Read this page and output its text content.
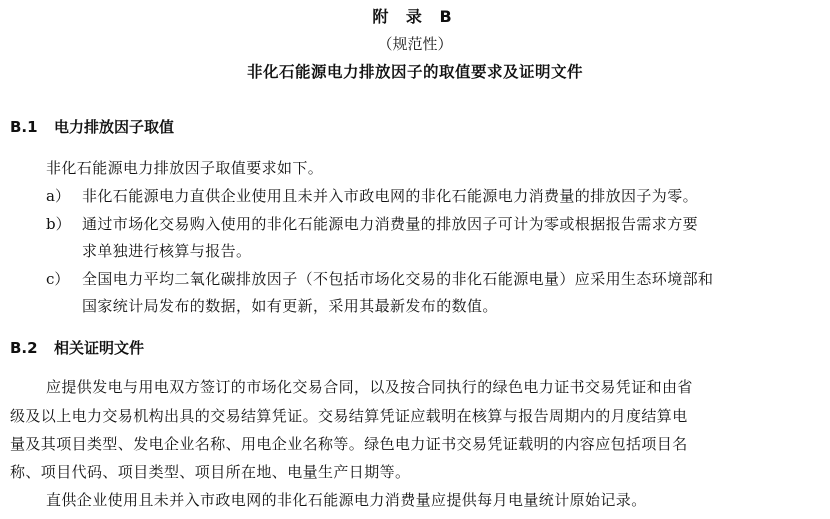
附 录 B
（规范性）
非化石能源电力排放因子的取值要求及证明文件
B.1 电力排放因子取值
非化石能源电力排放因子取值要求如下。
a） 非化石能源电力直供企业使用且未并入市政电网的非化石能源电力消费量的排放因子为零。
b） 通过市场化交易购入使用的非化石能源电力消费量的排放因子可计为零或根据报告需求方要
求单独进行核算与报告。
c） 全国电力平均二氧化碳排放因子（不包括市场化交易的非化石能源电量）应采用生态环境部和
国家统计局发布的数据，如有更新，采用其最新发布的数值。
B.2 相关证明文件
应提供发电与用电双方签订的市场化交易合同，以及按合同执行的绿色电力证书交易凭证和由省
级及以上电力交易机构出具的交易结算凭证。交易结算凭证应载明在核算与报告周期内的月度结算电
量及其项目类型、发电企业名称、用电企业名称等。绿色电力证书交易凭证载明的内容应包括项目名
称、项目代码、项目类型、项目所在地、电量生产日期等。
直供企业使用且未并入市政电网的非化石能源电力消费量应提供每月电量统计原始记录。
